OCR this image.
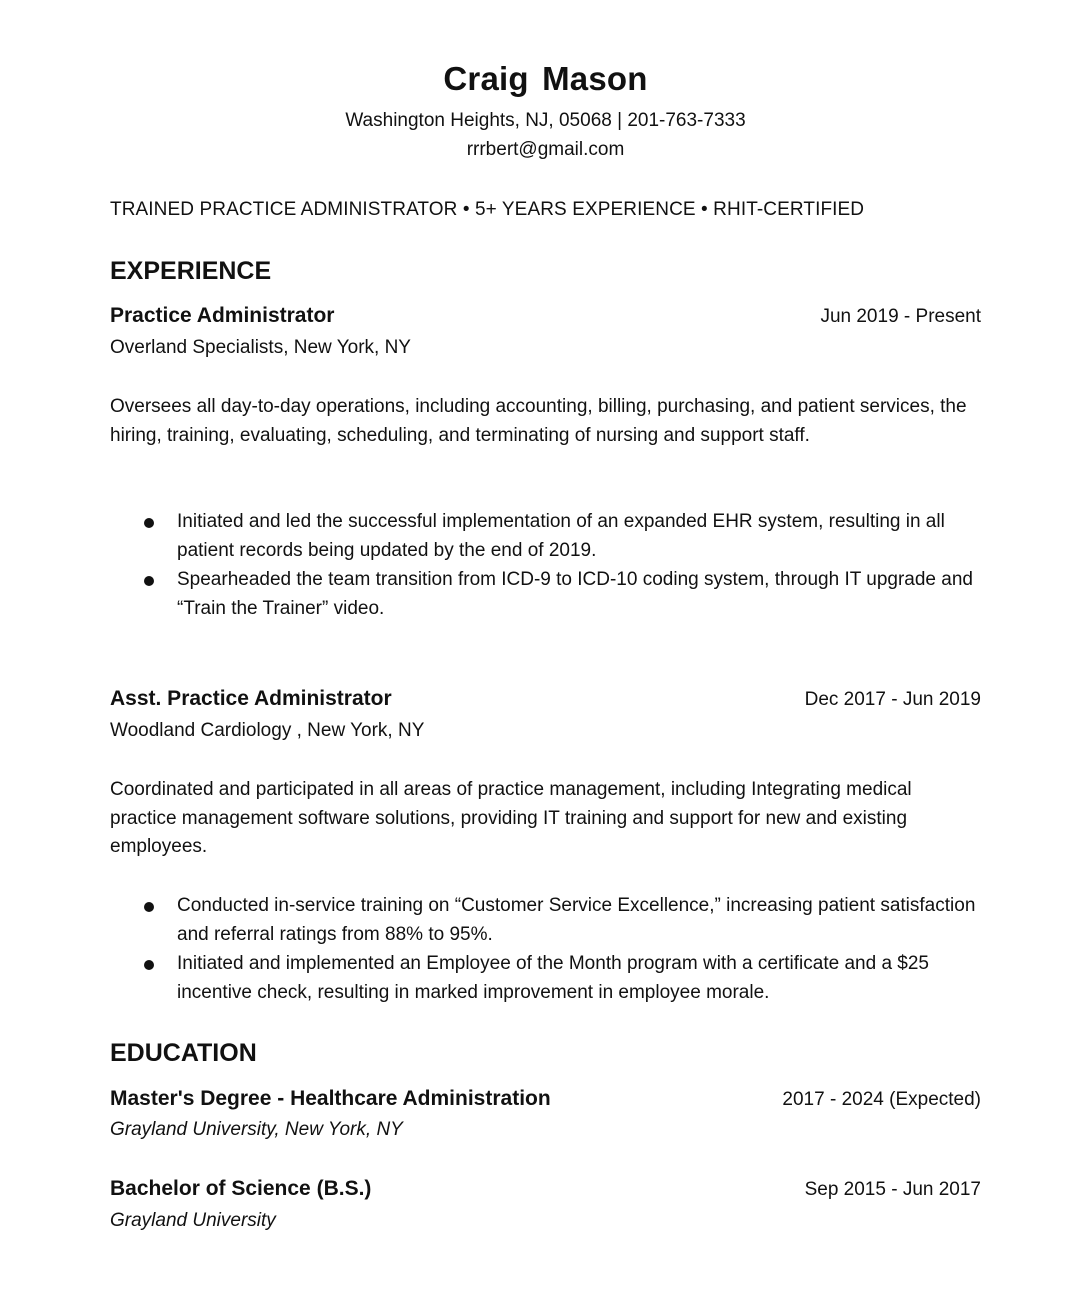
Craig Mason
Washington Heights, NJ, 05068 | 201-763-7333
rrrbert@gmail.com
TRAINED PRACTICE ADMINISTRATOR • 5+ YEARS EXPERIENCE • RHIT-CERTIFIED
EXPERIENCE
Practice Administrator	Jun 2019 - Present
Overland Specialists, New York, NY

Oversees all day-to-day operations, including accounting, billing, purchasing, and patient services, the hiring, training, evaluating, scheduling, and terminating of nursing and support staff.

Initiated and led the successful implementation of an expanded EHR system, resulting in all patient records being updated by the end of 2019.
Spearheaded the team transition from ICD-9 to ICD-10 coding system, through IT upgrade and “Train the Trainer” video.
Asst. Practice Administrator	Dec 2017 - Jun 2019
Woodland Cardiology , New York, NY

Coordinated and participated in all areas of practice management, including Integrating medical practice management software solutions, providing IT training and support for new and existing employees.

Conducted in-service training on “Customer Service Excellence,” increasing patient satisfaction and referral ratings from 88% to 95%.
Initiated and implemented an Employee of the Month program with a certificate and a $25 incentive check, resulting in marked improvement in employee morale.
EDUCATION
Master's Degree - Healthcare Administration	2017 - 2024 (Expected)
Grayland University, New York, NY
Bachelor of Science (B.S.)	Sep 2015 - Jun 2017
Grayland University
